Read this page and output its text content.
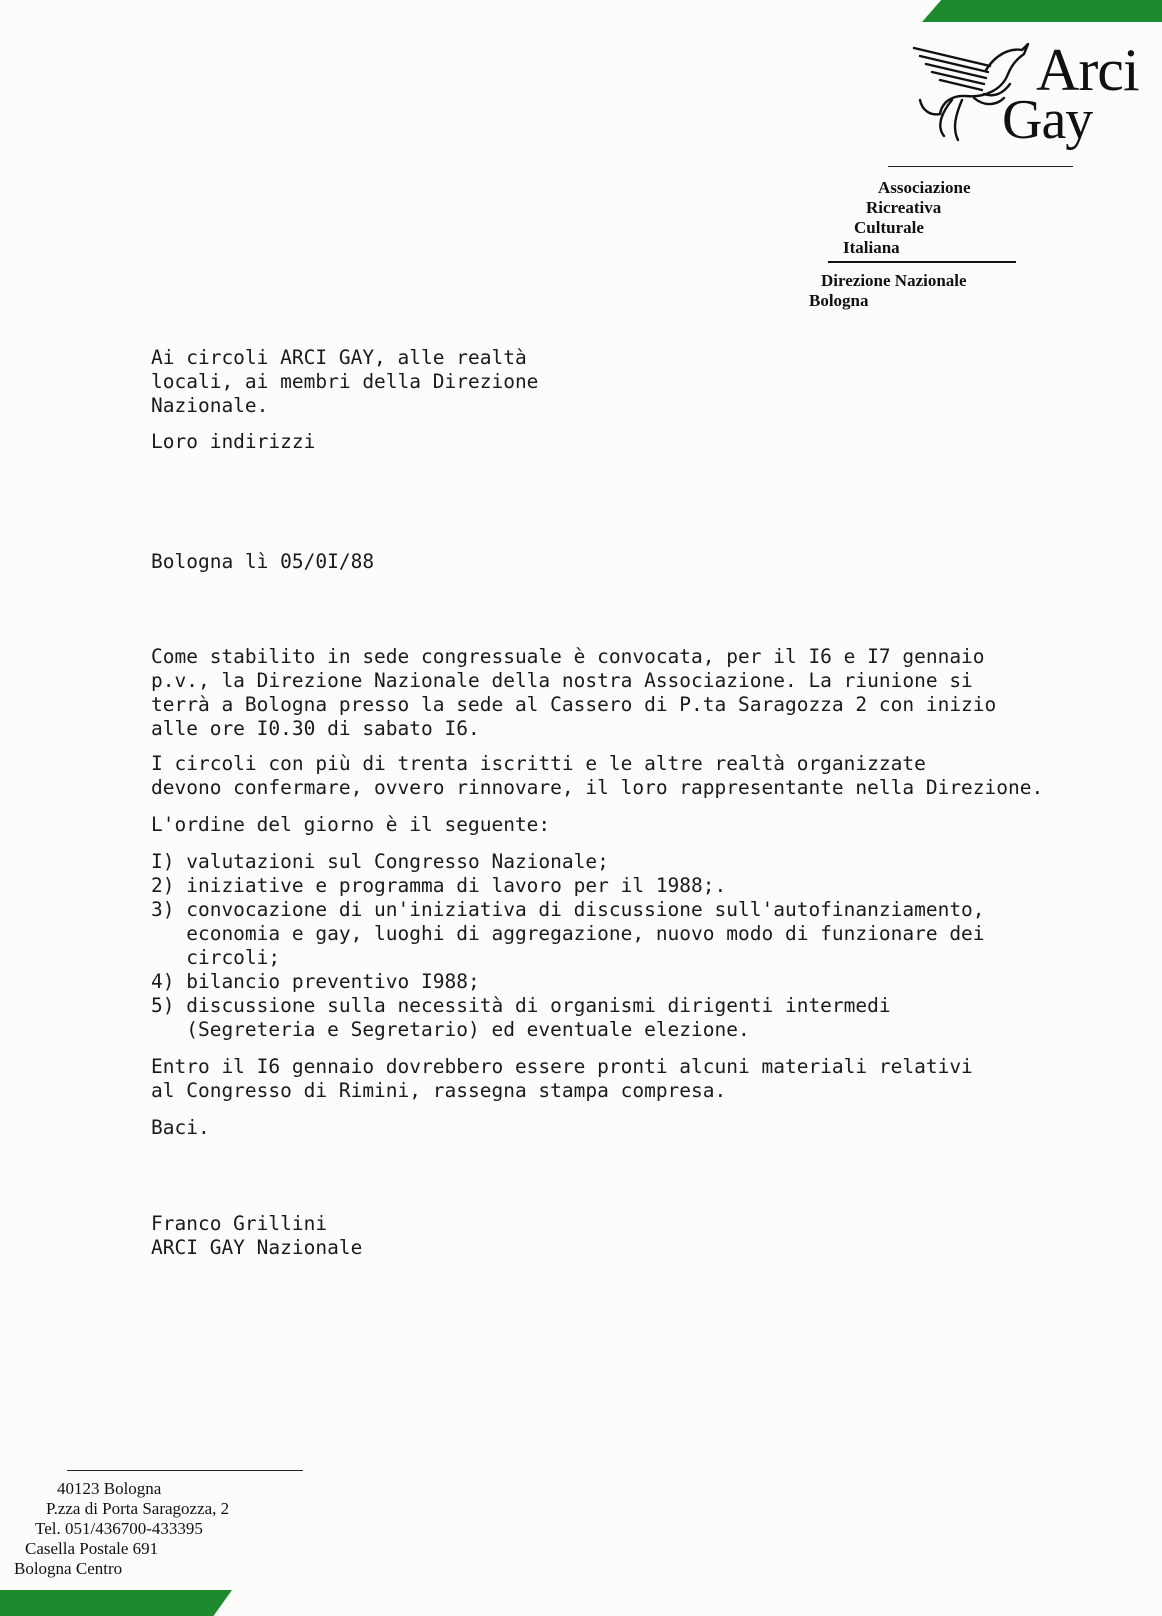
Arci
Gay
Associazione
Ricreativa
Culturale
Italiana
Direzione Nazionale
Bologna
Ai circoli ARCI GAY, alle realtà
locali, ai membri della Direzione
Nazionale.
Loro indirizzi
Bologna lì 05/0I/88
Come stabilito in sede congressuale è convocata, per il I6 e I7 gennaio
p.v., la Direzione Nazionale della nostra Associazione. La riunione si
terrà a Bologna presso la sede al Cassero di P.ta Saragozza 2 con inizio
alle ore I0.30 di sabato I6.
I circoli con più di trenta iscritti e le altre realtà organizzate
devono confermare, ovvero rinnovare, il loro rappresentante nella Direzione.
L'ordine del giorno è il seguente:
I) valutazioni sul Congresso Nazionale;
2) iniziative e programma di lavoro per il 1988;.
3) convocazione di un'iniziativa di discussione sull'autofinanziamento,
economia e gay, luoghi di aggregazione, nuovo modo di funzionare dei
circoli;
4) bilancio preventivo I988;
5) discussione sulla necessità di organismi dirigenti intermedi
(Segreteria e Segretario) ed eventuale elezione.
Entro il I6 gennaio dovrebbero essere pronti alcuni materiali relativi
al Congresso di Rimini, rassegna stampa compresa.
Baci.
Franco Grillini
ARCI GAY Nazionale
40123 Bologna
P.zza di Porta Saragozza, 2
Tel. 051/436700-433395
Casella Postale 691
Bologna Centro
